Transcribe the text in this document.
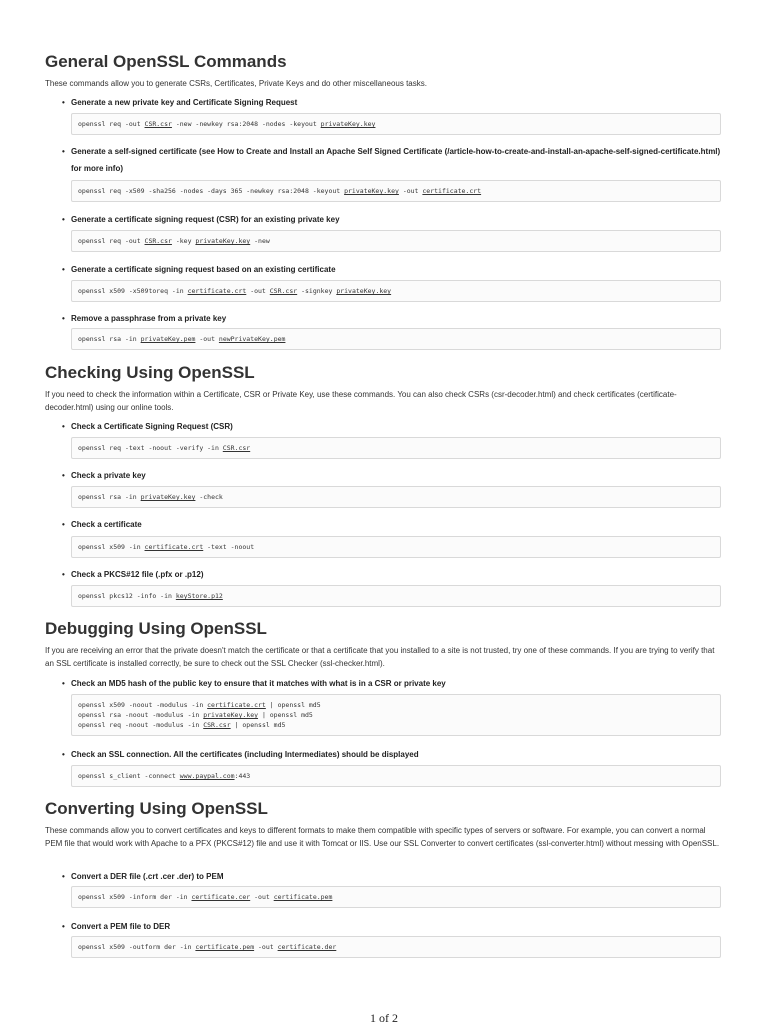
General OpenSSL Commands

These commands allow you to generate CSRs, Certificates, Private Keys and do other miscellaneous tasks.

• Generate a new private key and Certificate Signing Request
openssl req -out CSR.csr -new -newkey rsa:2048 -nodes -keyout privateKey.key
• Generate a self-signed certificate (see How to Create and Install an Apache Self Signed Certificate (/article-how-to-create-and-install-an-apache-self-signed-certificate.html) for more info)
openssl req -x509 -sha256 -nodes -days 365 -newkey rsa:2048 -keyout privateKey.key -out certificate.crt
• Generate a certificate signing request (CSR) for an existing private key
openssl req -out CSR.csr -key privateKey.key -new
• Generate a certificate signing request based on an existing certificate
openssl x509 -x509toreq -in certificate.crt -out CSR.csr -signkey privateKey.key
• Remove a passphrase from a private key
openssl rsa -in privateKey.pem -out newPrivateKey.pem
Checking Using OpenSSL

If you need to check the information within a Certificate, CSR or Private Key, use these commands. You can also check CSRs (csr-decoder.html) and check certificates (certificate-decoder.html) using our online tools.

• Check a Certificate Signing Request (CSR)
openssl req -text -noout -verify -in CSR.csr
• Check a private key
openssl rsa -in privateKey.key -check
• Check a certificate
openssl x509 -in certificate.crt -text -noout
• Check a PKCS#12 file (.pfx or .p12)
openssl pkcs12 -info -in keyStore.p12
Debugging Using OpenSSL

If you are receiving an error that the private doesn't match the certificate or that a certificate that you installed to a site is not trusted, try one of these commands. If you are trying to verify that an SSL certificate is installed correctly, be sure to check out the SSL Checker (ssl-checker.html).

• Check an MD5 hash of the public key to ensure that it matches with what is in a CSR or private key
openssl x509 -noout -modulus -in certificate.crt | openssl md5
openssl rsa -noout -modulus -in privateKey.key | openssl md5
openssl req -noout -modulus -in CSR.csr | openssl md5
• Check an SSL connection. All the certificates (including Intermediates) should be displayed
openssl s_client -connect www.paypal.com:443
Converting Using OpenSSL

These commands allow you to convert certificates and keys to different formats to make them compatible with specific types of servers or software. For example, you can convert a normal PEM file that would work with Apache to a PFX (PKCS#12) file and use it with Tomcat or IIS. Use our SSL Converter to convert certificates (ssl-converter.html) without messing with OpenSSL.

• Convert a DER file (.crt .cer .der) to PEM
openssl x509 -inform der -in certificate.cer -out certificate.pem
• Convert a PEM file to DER
openssl x509 -outform der -in certificate.pem -out certificate.der
1 of 2
